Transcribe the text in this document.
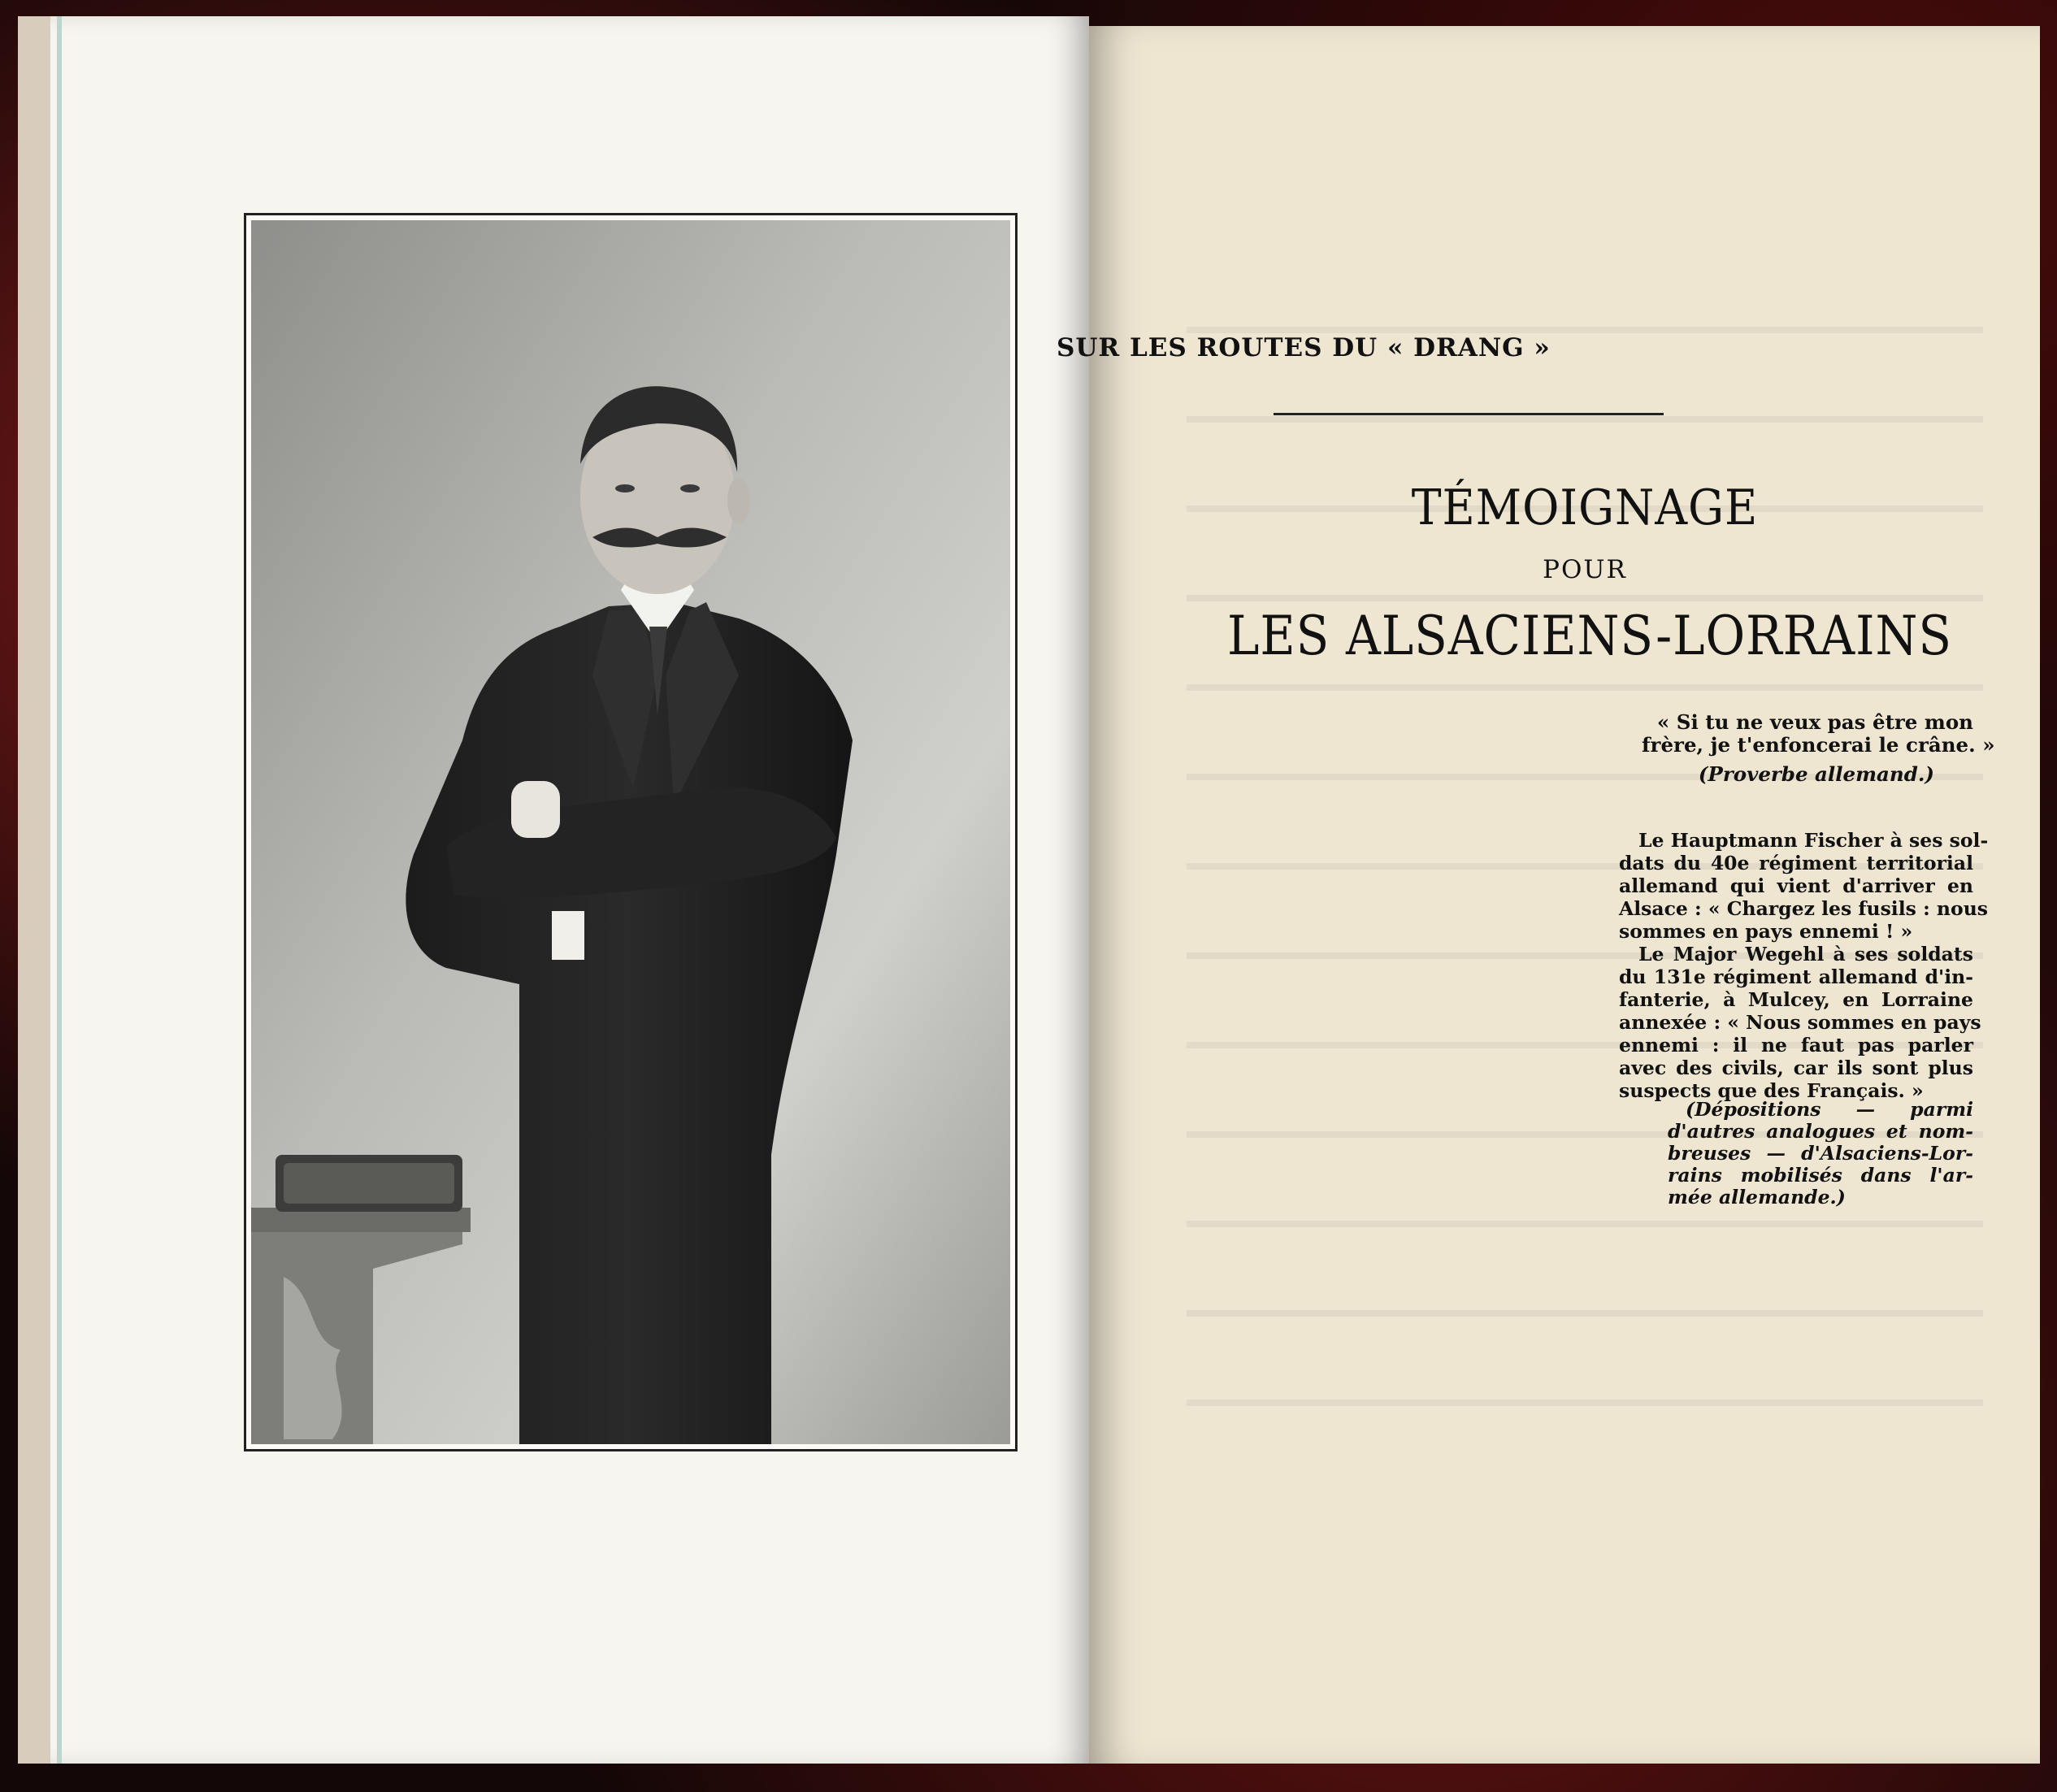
SUR LES ROUTES DU « DRANG »
TÉMOIGNAGE
POUR
LES ALSACIENS-LORRAINS
« Si tu ne veux pas être mon
frère, je t'enfoncerai le crâne. »
(Proverbe allemand.)
Le Hauptmann Fischer à ses sol-
dats du 40e régiment territorial
allemand qui vient d'arriver en
Alsace : « Chargez les fusils : nous
sommes en pays ennemi ! »
Le Major Wegehl à ses soldats
du 131e régiment allemand d'in-
fanterie, à Mulcey, en Lorraine
annexée : « Nous sommes en pays
ennemi : il ne faut pas parler
avec des civils, car ils sont plus
suspects que des Français. »
(Dépositions — parmi
d'autres analogues et nom-
breuses — d'Alsaciens-Lor-
rains mobilisés dans l'ar-
mée allemande.)
